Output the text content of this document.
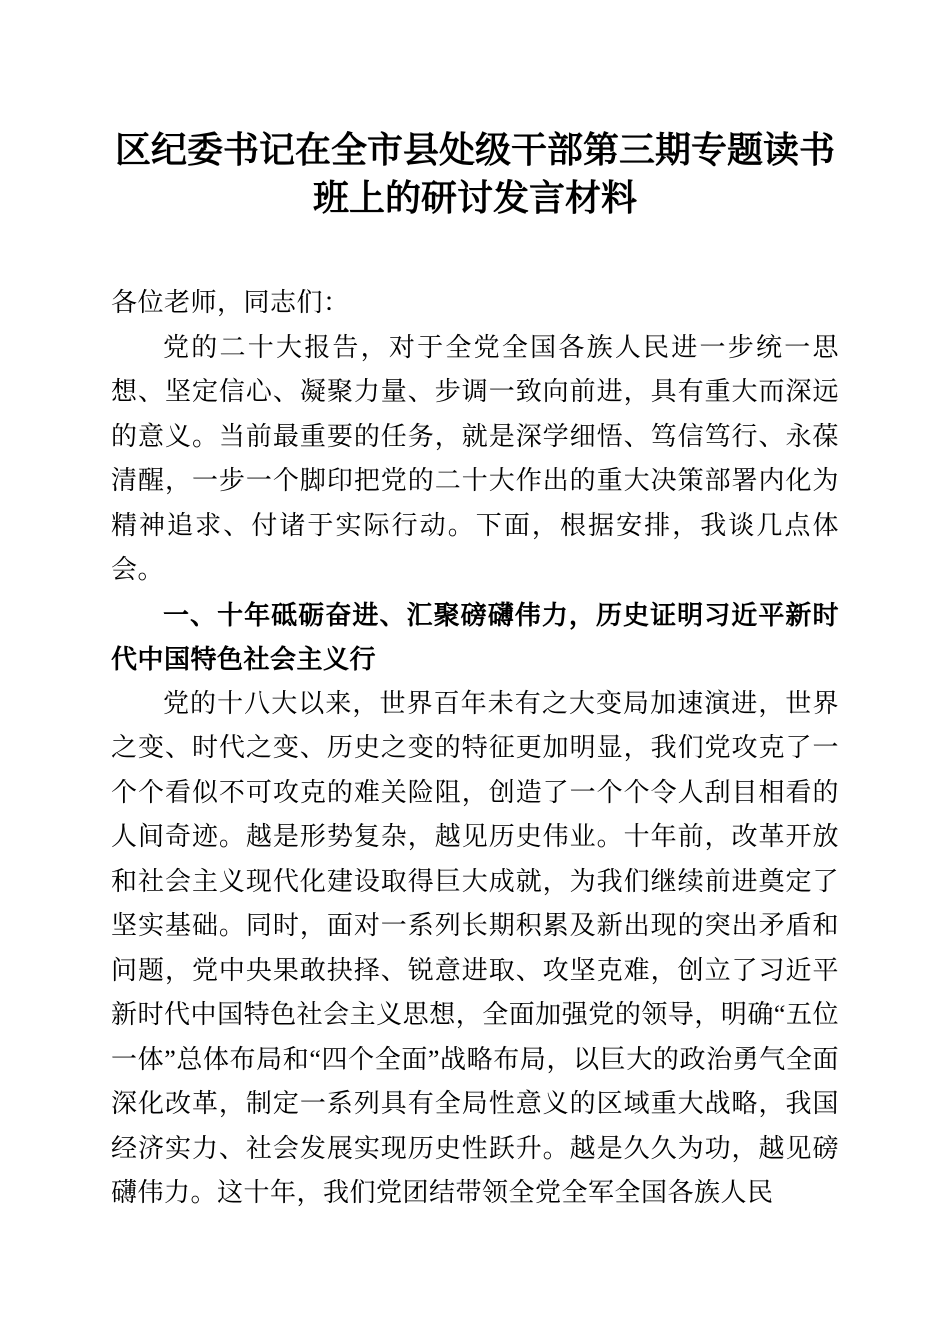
区纪委书记在全市县处级干部第三期专题读书
班上的研讨发言材料

各位老师，同志们：

党的二十大报告，对于全党全国各族人民进一步统一思想、坚定信心、凝聚力量、步调一致向前进，具有重大而深远的意义。当前最重要的任务，就是深学细悟、笃信笃行、永葆清醒，一步一个脚印把党的二十大作出的重大决策部署内化为精神追求、付诸于实际行动。下面，根据安排，我谈几点体会。

一、十年砥砺奋进、汇聚磅礴伟力，历史证明习近平新时代中国特色社会主义行

党的十八大以来，世界百年未有之大变局加速演进，世界之变、时代之变、历史之变的特征更加明显，我们党攻克了一个个看似不可攻克的难关险阻，创造了一个个令人刮目相看的人间奇迹。越是形势复杂，越见历史伟业。十年前，改革开放和社会主义现代化建设取得巨大成就，为我们继续前进奠定了坚实基础。同时，面对一系列长期积累及新出现的突出矛盾和问题，党中央果敢抉择、锐意进取、攻坚克难，创立了习近平新时代中国特色社会主义思想，全面加强党的领导，明确“五位一体”总体布局和“四个全面”战略布局，以巨大的政治勇气全面深化改革，制定一系列具有全局性意义的区域重大战略，我国经济实力、社会发展实现历史性跃升。越是久久为功，越见磅礴伟力。这十年，我们党团结带领全党全军全国各族人民
